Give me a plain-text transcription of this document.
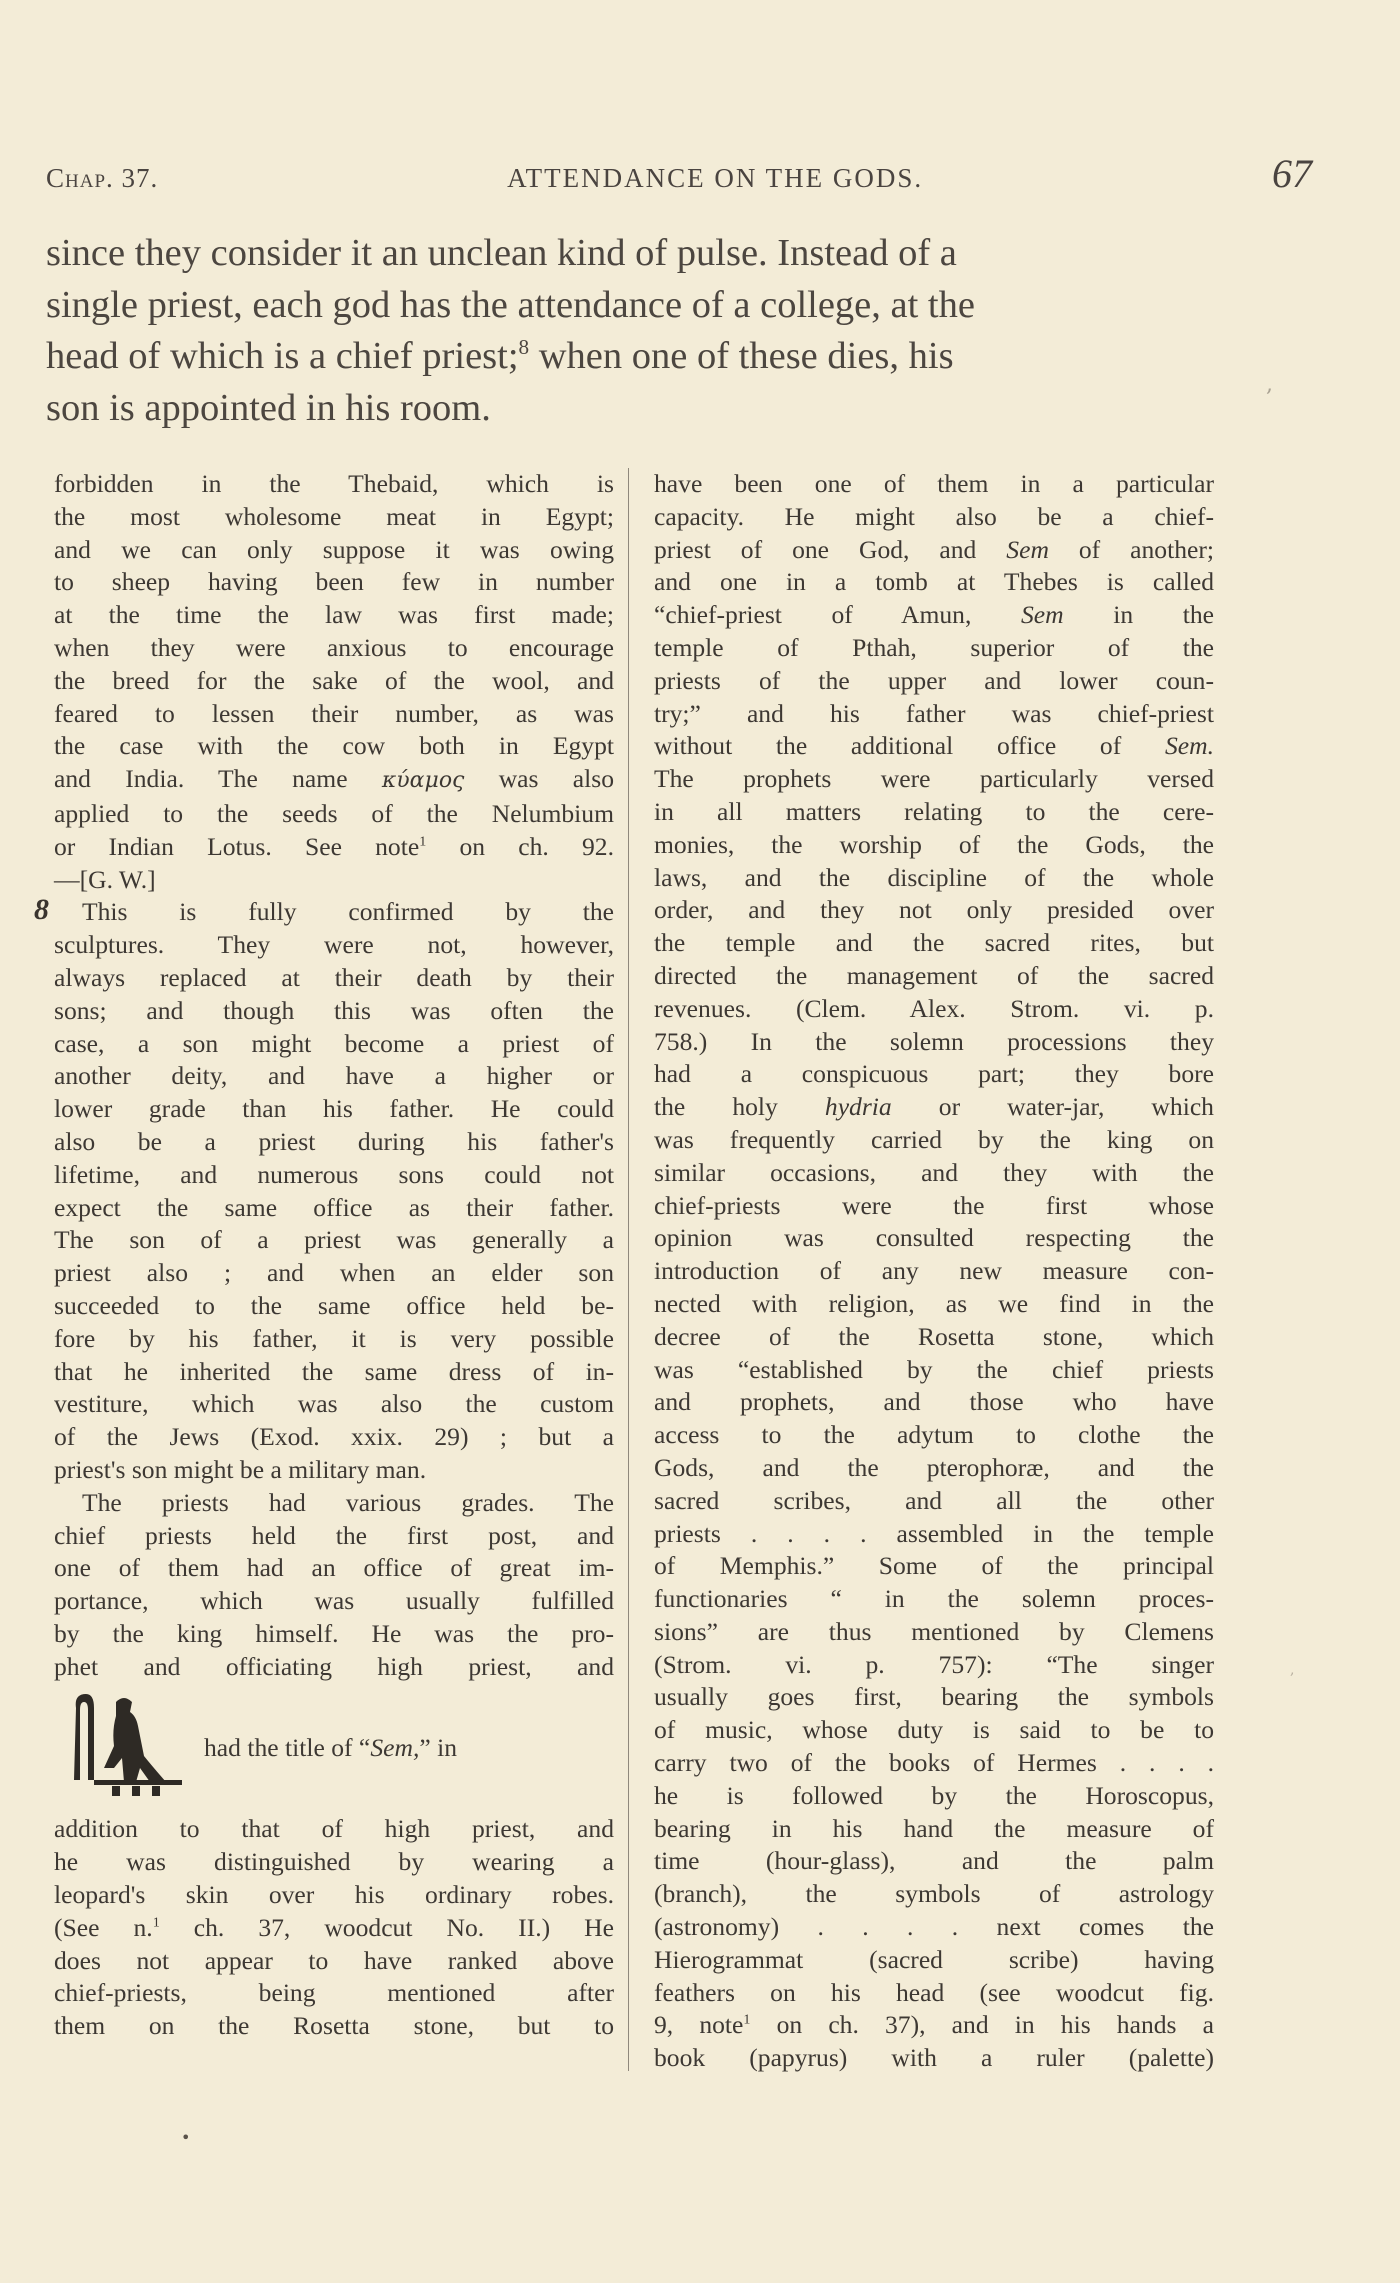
Chap. 37.	ATTENDANCE ON THE GODS.	67
since they consider it an unclean kind of pulse. Instead of a
single priest, each god has the attendance of a college, at the
head of which is a chief priest;$^8$ when one of these dies, his
son is appointed in his room.
,
8
forbidden in the Thebaid, which is
the most wholesome meat in Egypt;
and we can only suppose it was owing
to sheep having been few in number
at the time the law was first made;
when they were anxious to encourage
the breed for the sake of the wool, and
feared to lessen their number, as was
the case with the cow both in Egypt
and India. The name κύαμος was also
applied to the seeds of the Nelumbium
or Indian Lotus. See note$^1$ on ch. 92.
—[G. W.]
This is fully confirmed by the
sculptures. They were not, however,
always replaced at their death by their
sons; and though this was often the
case, a son might become a priest of
another deity, and have a higher or
lower grade than his father. He could
also be a priest during his father's
lifetime, and numerous sons could not
expect the same office as their father.
The son of a priest was generally a
priest also ; and when an elder son
succeeded to the same office held be-
fore by his father, it is very possible
that he inherited the same dress of in-
vestiture, which was also the custom
of the Jews (Exod. xxix. 29) ; but a
priest's son might be a military man.
The priests had various grades. The
chief priests held the first post, and
one of them had an office of great im-
portance, which was usually fulfilled
by the king himself. He was the pro-
phet and officiating high priest, and
had the title of “Sem,” in
addition to that of high priest, and
he was distinguished by wearing a
leopard's skin over his ordinary robes.
(See n.$^1$ ch. 37, woodcut No. II.) He
does not appear to have ranked above
chief-priests, being mentioned after
them on the Rosetta stone, but to
have been one of them in a particular
capacity. He might also be a chief-
priest of one God, and Sem of another;
and one in a tomb at Thebes is called
“chief-priest of Amun, Sem in the
temple of Pthah, superior of the
priests of the upper and lower coun-
try;” and his father was chief-priest
without the additional office of Sem.
The prophets were particularly versed
in all matters relating to the cere-
monies, the worship of the Gods, the
laws, and the discipline of the whole
order, and they not only presided over
the temple and the sacred rites, but
directed the management of the sacred
revenues. (Clem. Alex. Strom. vi. p.
758.) In the solemn processions they
had a conspicuous part; they bore
the holy hydria or water-jar, which
was frequently carried by the king on
similar occasions, and they with the
chief-priests were the first whose
opinion was consulted respecting the
introduction of any new measure con-
nected with religion, as we find in the
decree of the Rosetta stone, which
was “established by the chief priests
and prophets, and those who have
access to the adytum to clothe the
Gods, and the pterophoræ, and the
sacred scribes, and all the other
priests . . . . assembled in the temple
of Memphis.” Some of the principal
functionaries “ in the solemn proces-
sions” are thus mentioned by Clemens
(Strom. vi. p. 757): “The singer
usually goes first, bearing the symbols
of music, whose duty is said to be to
carry two of the books of Hermes . . . .
he is followed by the Horoscopus,
bearing in his hand the measure of
time (hour-glass), and the palm
(branch), the symbols of astrology
(astronomy) . . . . next comes the
Hierogrammat (sacred scribe) having
feathers on his head (see woodcut fig.
9, note$^1$ on ch. 37), and in his hands a
book (papyrus) with a ruler (palette)
,
•
